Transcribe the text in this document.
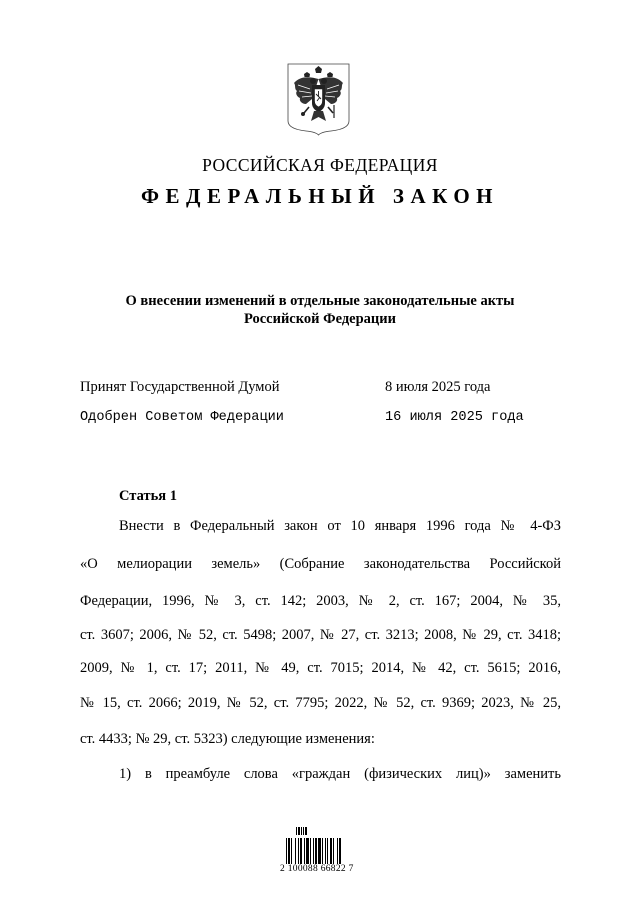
РОССИЙСКАЯ ФЕДЕРАЦИЯ
ФЕДЕРАЛЬНЫЙ ЗАКОН
О внесении изменений в отдельные законодательные акты
Российской Федерации
Принят Государственной Думой	8 июля 2025 года
Одобрен Советом Федерации	16 июля 2025 года
Статья 1
Внести в Федеральный закон от 10 января 1996 года № 4-ФЗ
«О мелиорации земель» (Собрание законодательства Российской
Федерации, 1996, № 3, ст. 142; 2003, № 2, ст. 167; 2004, № 35,
ст. 3607; 2006, № 52, ст. 5498; 2007, № 27, ст. 3213; 2008, № 29, ст. 3418;
2009, № 1, ст. 17; 2011, № 49, ст. 7015; 2014, № 42, ст. 5615; 2016,
№ 15, ст. 2066; 2019, № 52, ст. 7795; 2022, № 52, ст. 9369; 2023, № 25,
ст. 4433; № 29, ст. 5323) следующие изменения:
1) в преамбуле слова «граждан (физических лиц)» заменить
2 100088 66822 7
